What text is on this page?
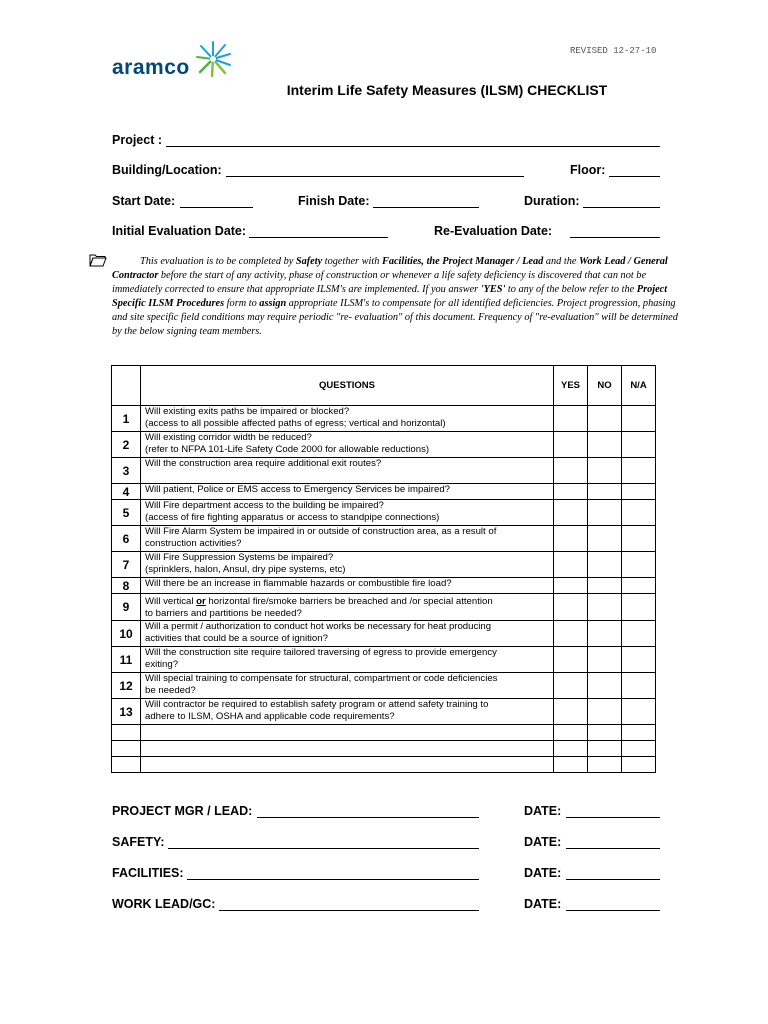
aramco
REVISED 12-27-10
Interim Life Safety Measures (ILSM) CHECKLIST
Project :
Building/Location:	Floor:
Start Date:	Finish Date:	Duration:
Initial Evaluation Date:	Re-Evaluation Date:
This evaluation is to be completed by Safety together with Facilities, the Project Manager / Lead and the Work Lead / General Contractor before the start of any activity, phase of construction or whenever a life safety deficiency is discovered that can not be immediately corrected to ensure that appropriate ILSM's are implemented. If you answer 'YES' to any of the below refer to the Project Specific ILSM Procedures form to assign appropriate ILSM's to compensate for all identified deficiencies. Project progression, phasing and site specific field conditions may require periodic "re- evaluation" of this document. Frequency of "re-evaluation" will be determined by the below signing team members.
	QUESTIONS	YES	NO	N/A
1	Will existing exits paths be impaired or blocked?
(access to all possible affected paths of egress; vertical and horizontal)			

2	Will existing corridor width be reduced?
(refer to NFPA 101-Life Safety Code 2000 for allowable reductions)			

3	Will the construction area require additional exit routes?			

4	Will patient, Police or EMS access to Emergency Services be impaired?			

5	Will Fire department access to the building be impaired?
(access of fire fighting apparatus or access to standpipe connections)			

6	Will Fire Alarm System be impaired in or outside of construction area, as a result of
construction activities?			

7	Will Fire Suppression Systems be impaired?
(sprinklers, halon, Ansul, dry pipe systems, etc)			

8	Will there be an increase in flammable hazards or combustible fire load?			

9	Will vertical or horizontal fire/smoke barriers be breached and /or special attention
to barriers and partitions be needed?			

10	Will a permit / authorization to conduct hot works be necessary for heat producing
activities that could be a source of ignition?			

11	Will the construction site require tailored traversing of egress to provide emergency
exiting?			

12	Will special training to compensate for structural, compartment or code deficiencies
be needed?			

13	Will contractor be required to establish safety program or attend safety training to
adhere to ILSM, OSHA and applicable code requirements?			

PROJECT MGR / LEAD:	DATE:
SAFETY:	DATE:
FACILITIES:	DATE:
WORK LEAD/GC:	DATE:
